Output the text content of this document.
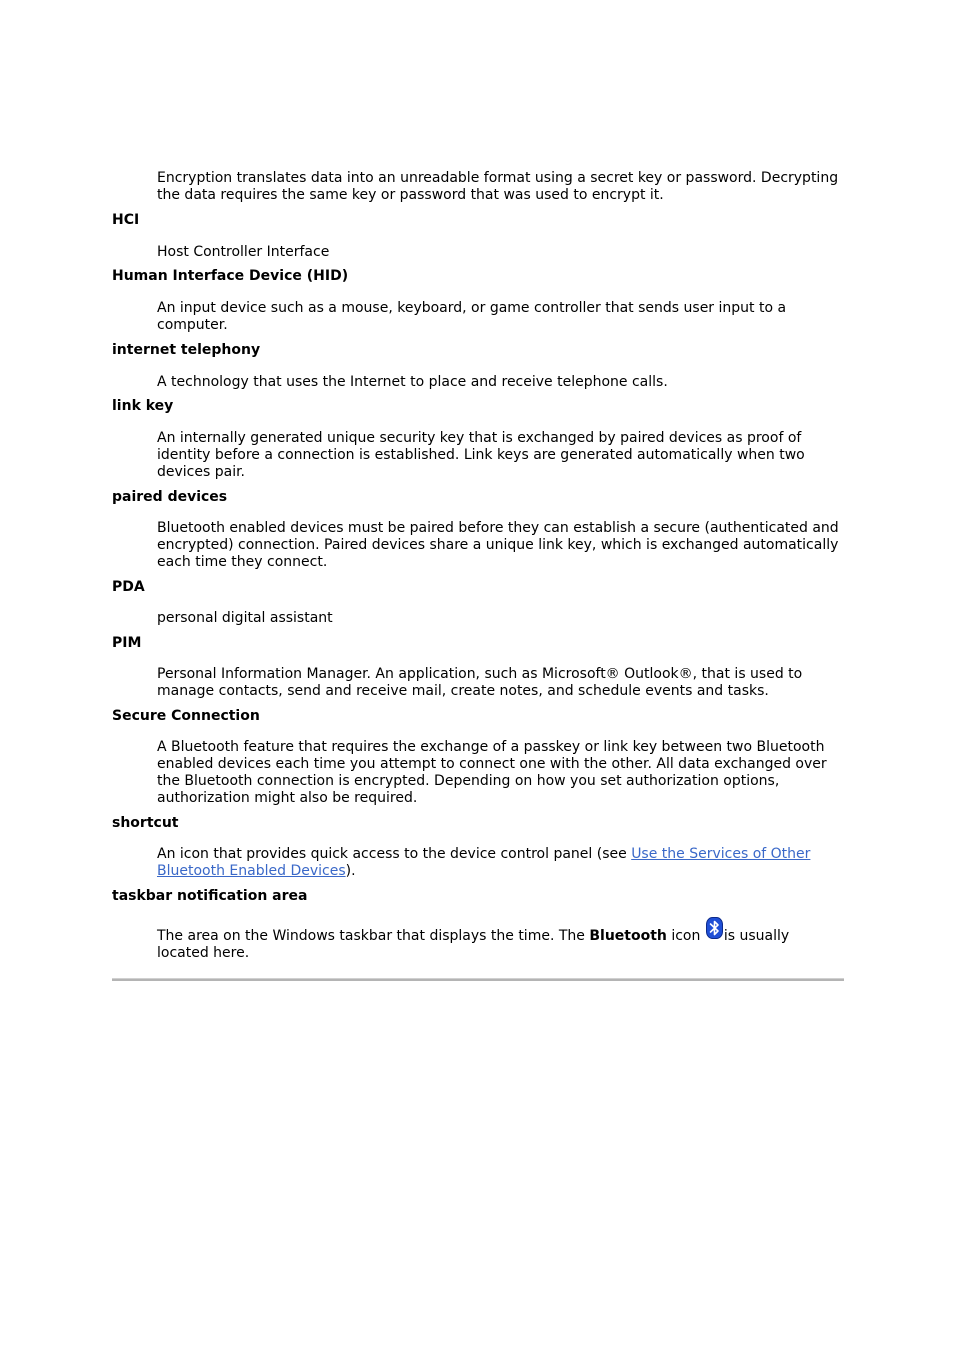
Encryption translates data into an unreadable format using a secret key or password. Decrypting the data requires the same key or password that was used to encrypt it.

HCI

Host Controller Interface

Human Interface Device (HID)

An input device such as a mouse, keyboard, or game controller that sends user input to a computer.

internet telephony

A technology that uses the Internet to place and receive telephone calls.

link key

An internally generated unique security key that is exchanged by paired devices as proof of identity before a connection is established. Link keys are generated automatically when two devices pair.

paired devices

Bluetooth enabled devices must be paired before they can establish a secure (authenticated and encrypted) connection. Paired devices share a unique link key, which is exchanged automatically each time they connect.

PDA

personal digital assistant

PIM

Personal Information Manager. An application, such as Microsoft® Outlook®, that is used to manage contacts, send and receive mail, create notes, and schedule events and tasks.

Secure Connection

A Bluetooth feature that requires the exchange of a passkey or link key between two Bluetooth enabled devices each time you attempt to connect one with the other. All data exchanged over the Bluetooth connection is encrypted. Depending on how you set authorization options, authorization might also be required.

shortcut

An icon that provides quick access to the device control panel (see Use the Services of Other Bluetooth Enabled Devices).

taskbar notification area

The area on the Windows taskbar that displays the time. The Bluetooth icon
is usually located here.
